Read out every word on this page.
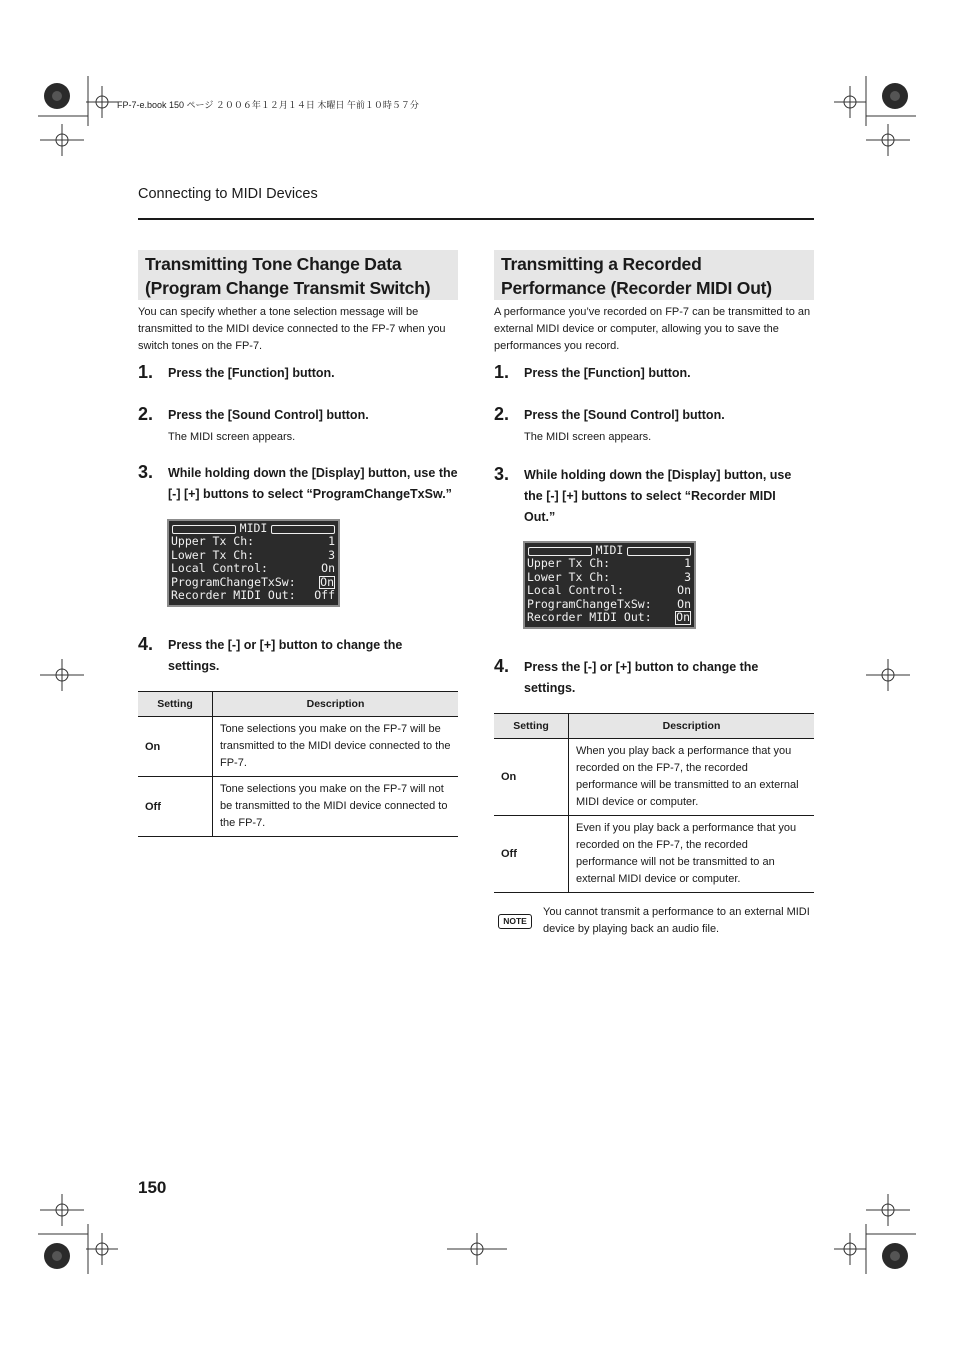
FP-7-e.book 150 ページ ２００６年１２月１４日 木曜日 午前１０時５７分
Connecting to MIDI Devices
Transmitting Tone Change Data
(Program Change Transmit Switch)
You can specify whether a tone selection message will be transmitted to the MIDI device connected to the FP-7 when you switch tones on the FP-7.
1. Press the [Function] button.
2. Press the [Sound Control] button.
The MIDI screen appears.
3. While holding down the [Display] button, use the
[-] [+] buttons to select “ProgramChangeTxSw.”
MIDI
Upper Tx Ch:	1
Lower Tx Ch:	3
Local Control:	On
ProgramChangeTxSw: On
Recorder MIDI Out: Off
4. Press the [-] or [+] button to change the
settings.
Setting	Description
On	Tone selections you make on the FP-7 will be transmitted to the MIDI device connected to the FP-7.
Off	Tone selections you make on the FP-7 will not be transmitted to the MIDI device connected to the FP-7.
Transmitting a Recorded
Performance (Recorder MIDI Out)
A performance you’ve recorded on FP-7 can be transmitted to an external MIDI device or computer, allowing you to save the performances you record.
1. Press the [Function] button.
2. Press the [Sound Control] button.
The MIDI screen appears.
3. While holding down the [Display] button, use
the [-] [+] buttons to select “Recorder MIDI
Out.”
MIDI
Upper Tx Ch:	1
Lower Tx Ch:	3
Local Control:	On
ProgramChangeTxSw: On
Recorder MIDI Out: On
4. Press the [-] or [+] button to change the
settings.
Setting	Description
On	When you play back a performance that you recorded on the FP-7, the recorded performance will be transmitted to an external MIDI device or computer.
Off	Even if you play back a performance that you recorded on the FP-7, the recorded performance will not be transmitted to an external MIDI device or computer.
NOTE
You cannot transmit a performance to an external MIDI device by playing back an audio file.
150
